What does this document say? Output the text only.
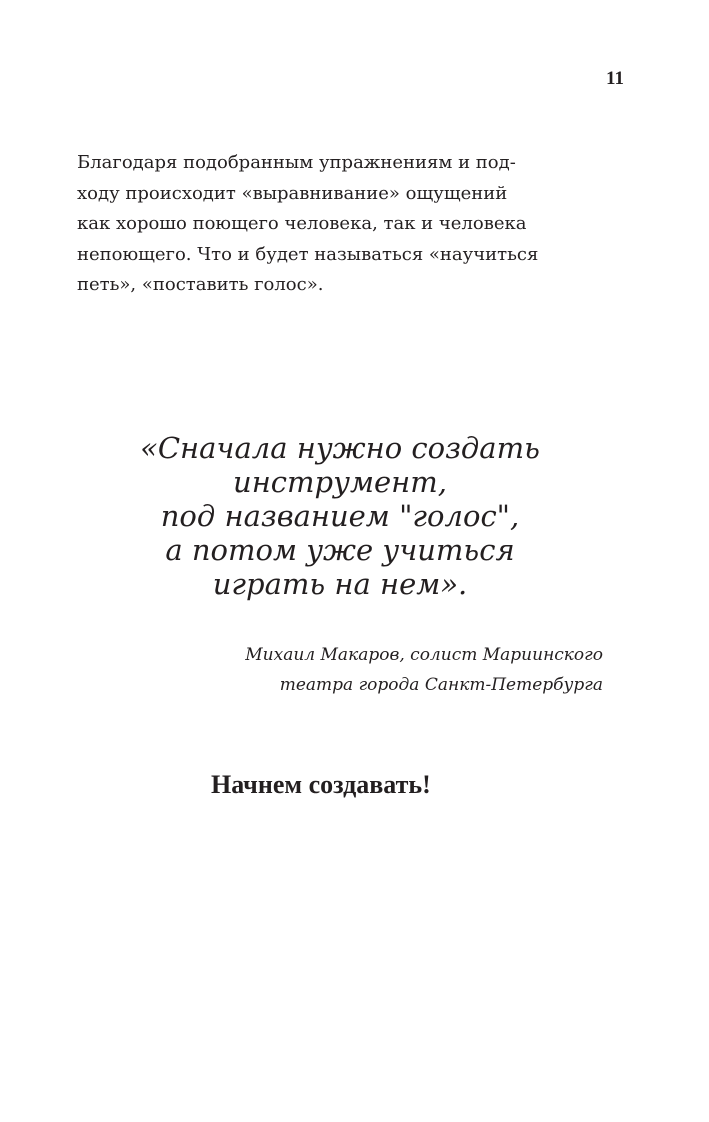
11
Благодаря подобранным упражнениям и под-
ходу происходит «выравнивание» ощущений
как хорошо поющего человека, так и человека
непоющего. Что и будет называться «научиться
петь», «поставить голос».
«Сначала нужно создать
инструмент,
под названием "голос",
а потом уже учиться
играть на нем».
Михаил Макаров, солист Мариинского
театра города Санкт-Петербурга
Начнем создавать!
